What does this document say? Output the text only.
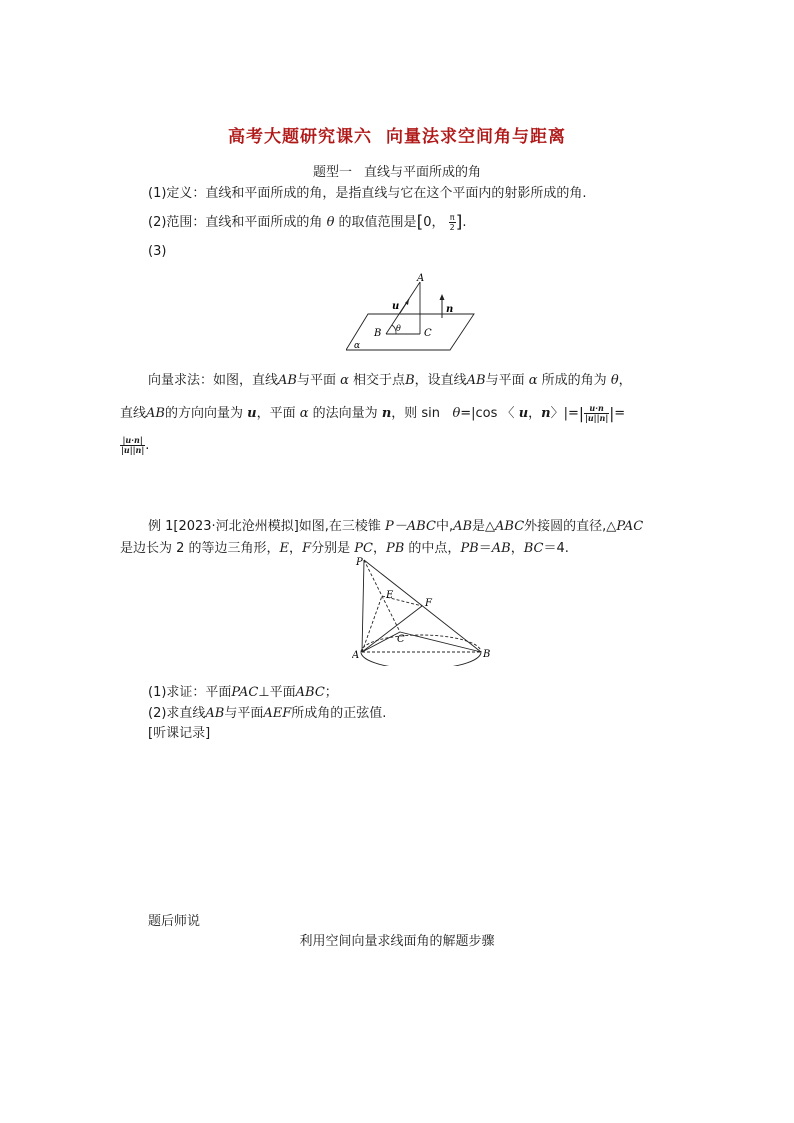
高考大题研究课六 向量法求空间角与距离
题型一 直线与平面所成的角
(1)定义：直线和平面所成的角，是指直线与它在这个平面内的射影所成的角.
(2)范围：直线和平面所成的角 θ 的取值范围是[0， $\frac{\pi}{2}$ ].
(3)
A
u	n
B θ C
α
向量求法：如图，直线AB与平面 α 相交于点B，设直线AB与平面 α 所成的角为 θ，
直线AB的方向向量为 u，平面 α 的法向量为 n，则 sin θ=|cos 〈 u，n〉|=| $\frac{u\cdot n}{|u||n|}$ |=
$\frac{|u\cdot n|}{|u||n|}$ .
例 1[2023·河北沧州模拟]如图,在三棱锥 P－ABC中,AB是△ABC外接圆的直径,△PAC
是边长为 2 的等边三角形，E，F分别是 PC，PB 的中点，PB＝AB，BC＝4.
P
E
F
C
A	B
(1)求证：平面PAC⊥平面ABC；
(2)求直线AB与平面AEF所成角的正弦值.
[听课记录]
题后师说
利用空间向量求线面角的解题步骤
